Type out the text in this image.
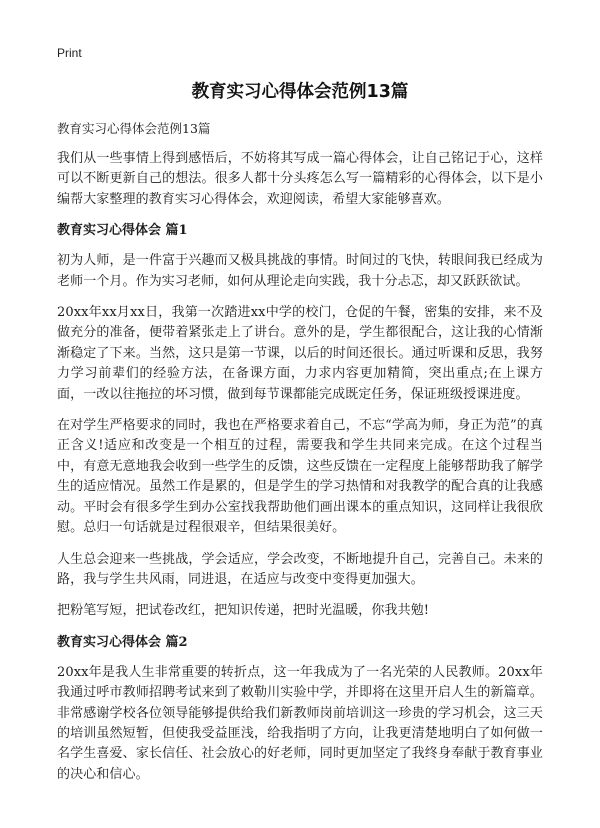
Print
教育实习心得体会范例13篇
教育实习心得体会范例13篇

我们从一些事情上得到感悟后，不妨将其写成一篇心得体会，让自己铭记于心，这样可以不断更新自己的想法。很多人都十分头疼怎么写一篇精彩的心得体会，以下是小编帮大家整理的教育实习心得体会，欢迎阅读，希望大家能够喜欢。

教育实习心得体会 篇1

初为人师，是一件富于兴趣而又极具挑战的事情。时间过的飞快，转眼间我已经成为老师一个月。作为实习老师，如何从理论走向实践，我十分忐忑，却又跃跃欲试。

20xx年xx月xx日，我第一次踏进xx中学的校门，仓促的午餐，密集的安排，来不及做充分的准备，便带着紧张走上了讲台。意外的是，学生都很配合，这让我的心情渐渐稳定了下来。当然，这只是第一节课，以后的时间还很长。通过听课和反思，我努力学习前辈们的经验方法，在备课方面，力求内容更加精简，突出重点;在上课方面，一改以往拖拉的坏习惯，做到每节课都能完成既定任务，保证班级授课进度。

在对学生严格要求的同时，我也在严格要求着自己，不忘“学高为师，身正为范”的真正含义!适应和改变是一个相互的过程，需要我和学生共同来完成。在这个过程当中，有意无意地我会收到一些学生的反馈，这些反馈在一定程度上能够帮助我了解学生的适应情况。虽然工作是累的，但是学生的学习热情和对我教学的配合真的让我感动。平时会有很多学生到办公室找我帮助他们画出课本的重点知识，这同样让我很欣慰。总归一句话就是过程很艰辛，但结果很美好。

人生总会迎来一些挑战，学会适应，学会改变，不断地提升自己，完善自己。未来的路，我与学生共风雨，同进退，在适应与改变中变得更加强大。

把粉笔写短，把试卷改红，把知识传递，把时光温暖，你我共勉!

教育实习心得体会 篇2

20xx年是我人生非常重要的转折点，这一年我成为了一名光荣的人民教师。20xx年我通过呼市教师招聘考试来到了敕勒川实验中学，并即将在这里开启人生的新篇章。非常感谢学校各位领导能够提供给我们新教师岗前培训这一珍贵的学习机会，这三天的培训虽然短暂，但使我受益匪浅，给我指明了方向，让我更清楚地明白了如何做一名学生喜爱、家长信任、社会放心的好老师，同时更加坚定了我终身奉献于教育事业的决心和信心。
